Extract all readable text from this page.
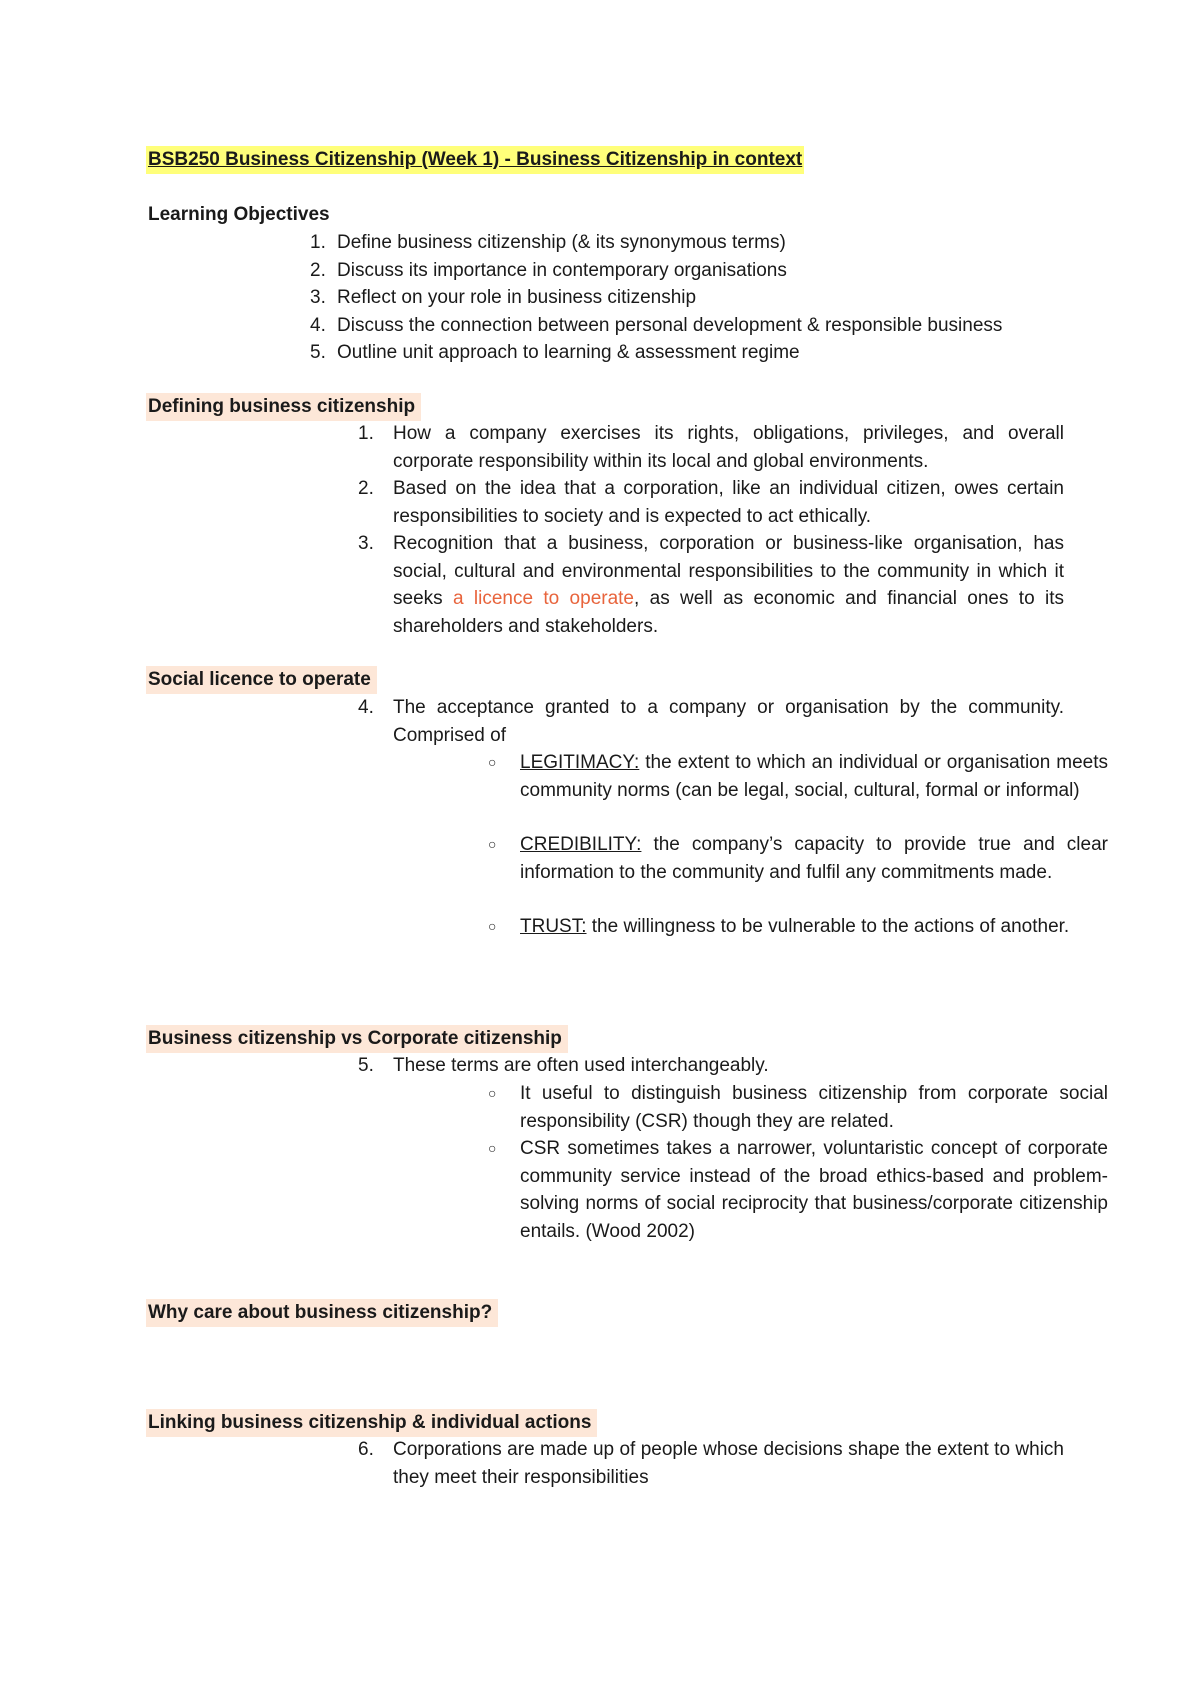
BSB250 Business Citizenship (Week 1) - Business Citizenship in context
Learning Objectives
1. Define business citizenship (& its synonymous terms)
2. Discuss its importance in contemporary organisations
3. Reflect on your role in business citizenship
4. Discuss the connection between personal development & responsible business
5. Outline unit approach to learning & assessment regime
Defining business citizenship
1. How a company exercises its rights, obligations, privileges, and overall corporate responsibility within its local and global environments.
2. Based on the idea that a corporation, like an individual citizen, owes certain responsibilities to society and is expected to act ethically.
3. Recognition that a business, corporation or business-like organisation, has social, cultural and environmental responsibilities to the community in which it seeks a licence to operate, as well as economic and financial ones to its shareholders and stakeholders.
Social licence to operate
4. The acceptance granted to a company or organisation by the community. Comprised of
○ LEGITIMACY: the extent to which an individual or organisation meets community norms (can be legal, social, cultural, formal or informal)
○ CREDIBILITY: the company’s capacity to provide true and clear information to the community and fulfil any commitments made.
○ TRUST: the willingness to be vulnerable to the actions of another.
Business citizenship vs Corporate citizenship
5. These terms are often used interchangeably.
○ It useful to distinguish business citizenship from corporate social responsibility (CSR) though they are related.
○ CSR sometimes takes a narrower, voluntaristic concept of corporate community service instead of the broad ethics-based and problem-solving norms of social reciprocity that business/corporate citizenship entails. (Wood 2002)
Why care about business citizenship?
Linking business citizenship & individual actions
6. Corporations are made up of people whose decisions shape the extent to which they meet their responsibilities
